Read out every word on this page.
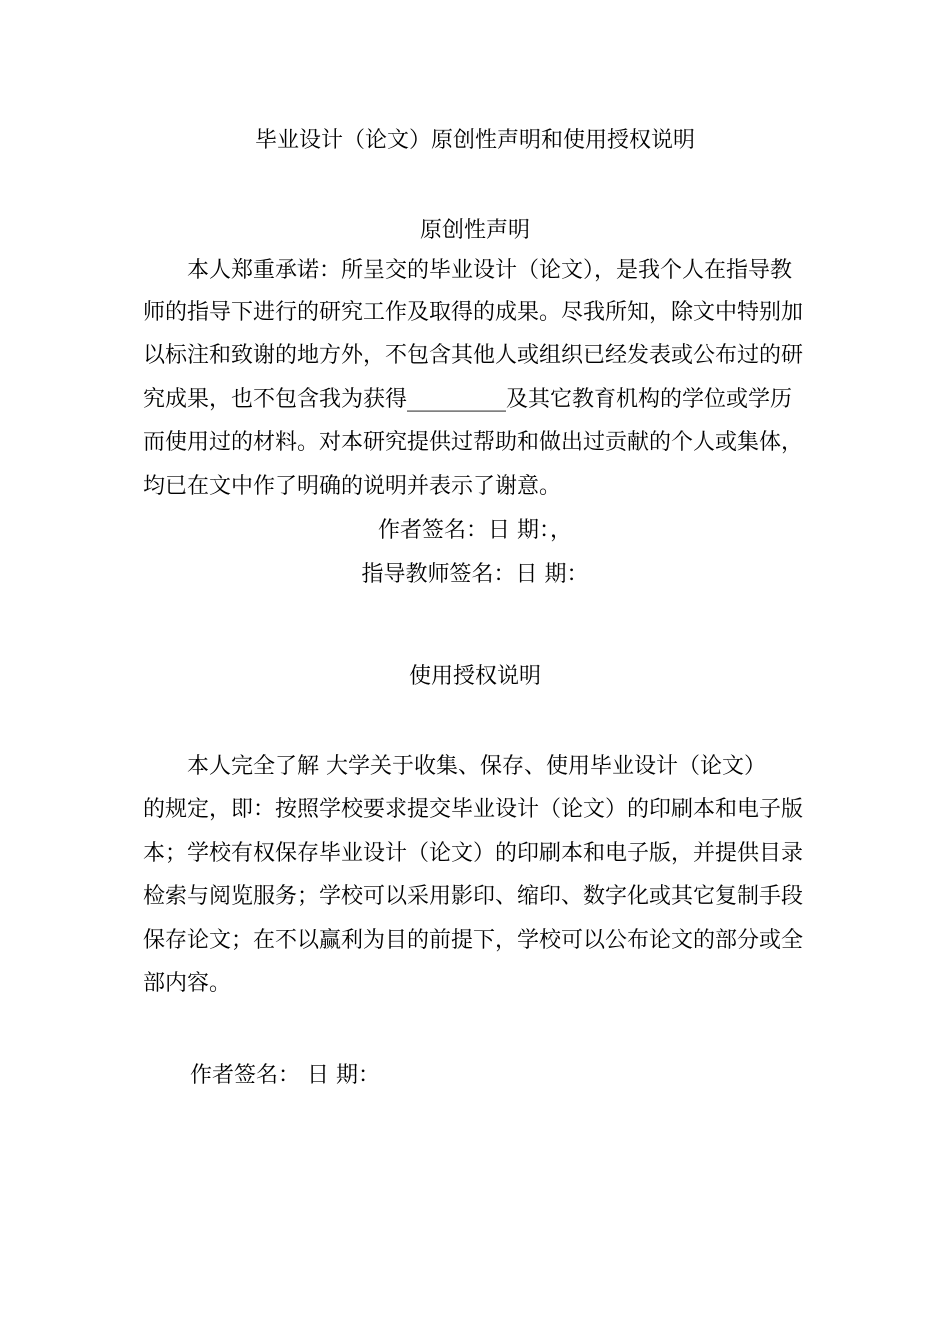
毕业设计（论文）原创性声明和使用授权说明
原创性声明

本人郑重承诺：所呈交的毕业设计（论文），是我个人在指导教

师的指导下进行的研究工作及取得的成果。尽我所知，除文中特别加

以标注和致谢的地方外，不包含其他人或组织已经发表或公布过的研

究成果，也不包含我为获得_________及其它教育机构的学位或学历

而使用过的材料。对本研究提供过帮助和做出过贡献的个人或集体，

均已在文中作了明确的说明并表示了谢意。

作者签名：日 期：，

指导教师签名：日 期：

使用授权说明

本人完全了解 大学关于收集、保存、使用毕业设计（论文）

的规定，即：按照学校要求提交毕业设计（论文）的印刷本和电子版

本；学校有权保存毕业设计（论文）的印刷本和电子版，并提供目录

检索与阅览服务；学校可以采用影印、缩印、数字化或其它复制手段

保存论文；在不以赢利为目的前提下，学校可以公布论文的部分或全

部内容。

作者签名： 日 期：
